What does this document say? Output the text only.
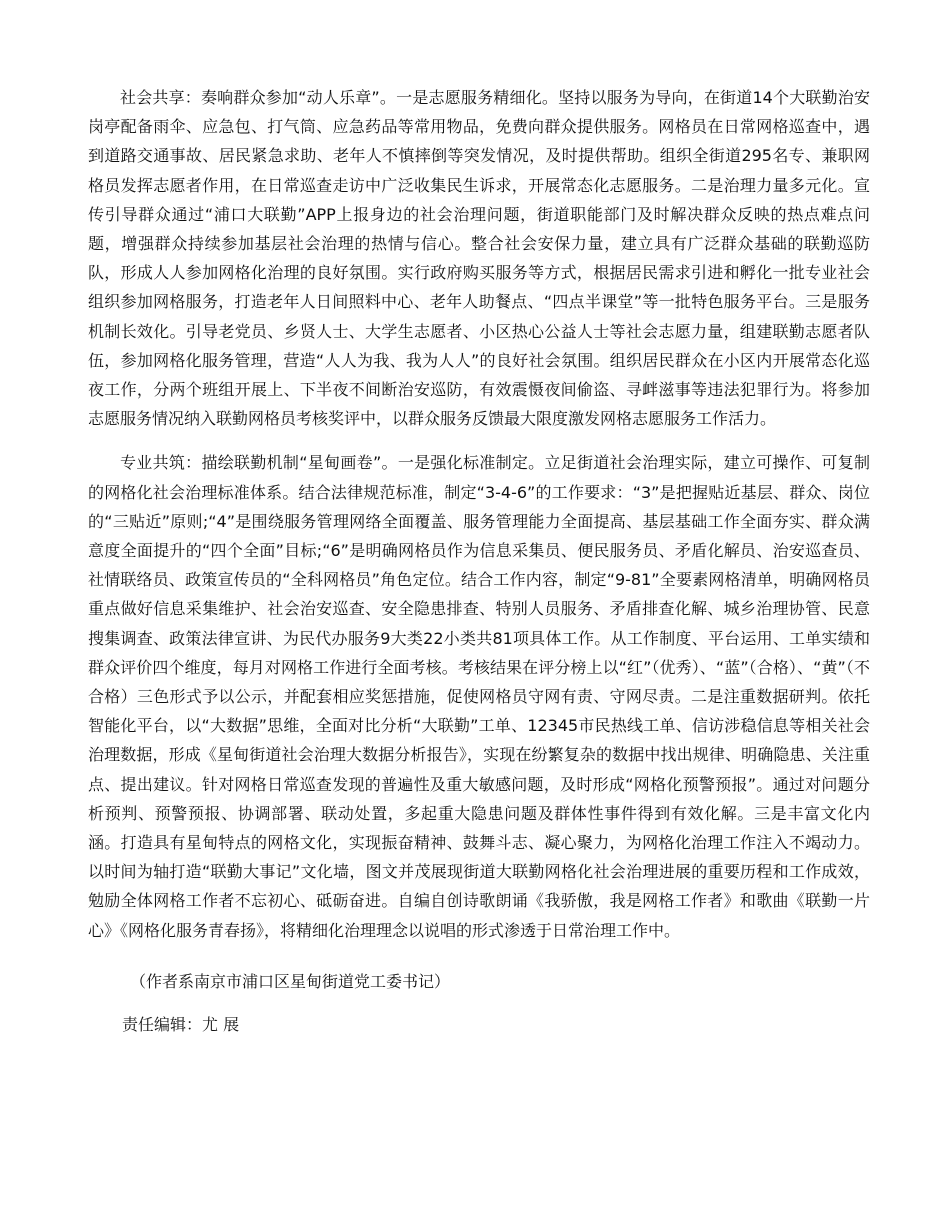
社会共享：奏响群众参加“动人乐章”。一是志愿服务精细化。坚持以服务为导向，在街道14个大联勤治安岗亭配备雨伞、应急包、打气筒、应急药品等常用物品，免费向群众提供服务。网格员在日常网格巡查中，遇到道路交通事故、居民紧急求助、老年人不慎摔倒等突发情况，及时提供帮助。组织全街道295名专、兼职网格员发挥志愿者作用，在日常巡查走访中广泛收集民生诉求，开展常态化志愿服务。二是治理力量多元化。宣传引导群众通过“浦口大联勤”APP上报身边的社会治理问题，街道职能部门及时解决群众反映的热点难点问题，增强群众持续参加基层社会治理的热情与信心。整合社会安保力量，建立具有广泛群众基础的联勤巡防队，形成人人参加网格化治理的良好氛围。实行政府购买服务等方式，根据居民需求引进和孵化一批专业社会组织参加网格服务，打造老年人日间照料中心、老年人助餐点、“四点半课堂”等一批特色服务平台。三是服务机制长效化。引导老党员、乡贤人士、大学生志愿者、小区热心公益人士等社会志愿力量，组建联勤志愿者队伍，参加网格化服务管理，营造“人人为我、我为人人”的良好社会氛围。组织居民群众在小区内开展常态化巡夜工作，分两个班组开展上、下半夜不间断治安巡防，有效震慑夜间偷盗、寻衅滋事等违法犯罪行为。将参加志愿服务情况纳入联勤网格员考核奖评中，以群众服务反馈最大限度激发网格志愿服务工作活力。

专业共筑：描绘联勤机制“星甸画卷”。一是强化标准制定。立足街道社会治理实际，建立可操作、可复制的网格化社会治理标准体系。结合法律规范标准，制定“3-4-6”的工作要求：“3”是把握贴近基层、群众、岗位的“三贴近”原则;“4”是围绕服务管理网络全面覆盖、服务管理能力全面提高、基层基础工作全面夯实、群众满意度全面提升的“四个全面”目标;“6”是明确网格员作为信息采集员、便民服务员、矛盾化解员、治安巡查员、社情联络员、政策宣传员的“全科网格员”角色定位。结合工作内容，制定“9-81”全要素网格清单，明确网格员重点做好信息采集维护、社会治安巡查、安全隐患排查、特别人员服务、矛盾排查化解、城乡治理协管、民意搜集调查、政策法律宣讲、为民代办服务9大类22小类共81项具体工作。从工作制度、平台运用、工单实绩和群众评价四个维度，每月对网格工作进行全面考核。考核结果在评分榜上以“红”（优秀）、“蓝”（合格）、“黄”（不合格）三色形式予以公示，并配套相应奖惩措施，促使网格员守网有责、守网尽责。二是注重数据研判。依托智能化平台，以“大数据”思维，全面对比分析“大联勤”工单、12345市民热线工单、信访涉稳信息等相关社会治理数据，形成《星甸街道社会治理大数据分析报告》，实现在纷繁复杂的数据中找出规律、明确隐患、关注重点、提出建议。针对网格日常巡查发现的普遍性及重大敏感问题，及时形成“网格化预警预报”。通过对问题分析预判、预警预报、协调部署、联动处置，多起重大隐患问题及群体性事件得到有效化解。三是丰富文化内涵。打造具有星甸特点的网格文化，实现振奋精神、鼓舞斗志、凝心聚力，为网格化治理工作注入不竭动力。以时间为轴打造“联勤大事记”文化墙，图文并茂展现街道大联勤网格化社会治理进展的重要历程和工作成效，勉励全体网格工作者不忘初心、砥砺奋进。自编自创诗歌朗诵《我骄傲，我是网格工作者》和歌曲《联勤一片心》《网格化服务青春扬》，将精细化治理理念以说唱的形式渗透于日常治理工作中。

（作者系南京市浦口区星甸街道党工委书记）

责任编辑：尤 展
